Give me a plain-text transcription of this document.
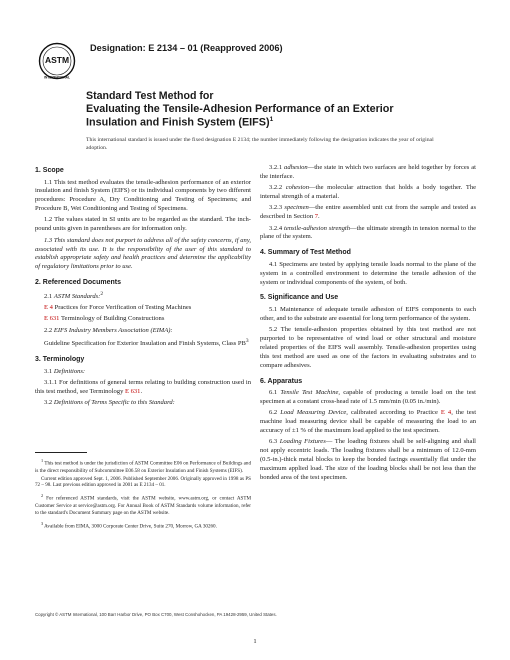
ASTM
INTERNATIONAL
Designation: E 2134 – 01 (Reapproved 2006)
Standard Test Method for
Evaluating the Tensile-Adhesion Performance of an Exterior
Insulation and Finish System (EIFS)$^1$
This international standard is issued under the fixed designation E 2134; the number immediately following the designation indicates the year of original adoption.
1. Scope

1.1 This test method evaluates the tensile-adhesion performance of an exterior insulation and finish System (EIFS) or its individual components by two different procedures: Procedure A, Dry Conditioning and Testing of Specimens; and Procedure B, Wet Conditioning and Testing of Specimens.

1.2 The values stated in SI units are to be regarded as the standard. The inch-pound units given in parentheses are for information only.

1.3 This standard does not purport to address all of the safety concerns, if any, associated with its use. It is the responsibility of the user of this standard to establish appropriate safety and health practices and determine the applicability of regulatory limitations prior to use.

2. Referenced Documents

2.1 ASTM Standards:$^2$

E 4 Practices for Force Verification of Testing Machines

E 631 Terminology of Building Constructions

2.2 EIFS Industry Members Association (EIMA):

Guideline Specification for Exterior Insulation and Finish Systems, Class $PB^3$

3. Terminology

3.1 Definitions:

3.1.1 For definitions of general terms relating to building construction used in this test method, see Terminology E 631.

3.2 Definitions of Terms Specific to this Standard:

$^1$ This test method is under the jurisdiction of ASTM Committee E06 on Performance of Buildings and is the direct responsibility of Subcommittee E06.58 on Exterior Insulation and Finish Systems (EIFS).

Current edition approved Sept. 1, 2006. Published September 2006. Originally approved in 1998 as PS 72 – 98. Last previous edition approved in 2001 as E 2134 – 01.

$^2$ For referenced ASTM standards, visit the ASTM website, www.astm.org, or contact ASTM Customer Service at service@astm.org. For Annual Book of ASTM Standards volume information, refer to the standard's Document Summary page on the ASTM website.

$^3$ Available from EIMA, 3000 Corporate Center Drive, Suite 270, Morrow, GA 30260.

3.2.1 adhesion—the state in which two surfaces are held together by forces at the interface.

3.2.2 cohesion—the molecular attraction that holds a body together. The internal strength of a material.

3.2.3 specimen—the entire assembled unit cut from the sample and tested as described in Section 7.

3.2.4 tensile-adhesion strength—the ultimate strength in tension normal to the plane of the system.

4. Summary of Test Method

4.1 Specimens are tested by applying tensile loads normal to the plane of the system in a controlled environment to determine the tensile adhesion of the system or individual components of the system, of both.

5. Significance and Use

5.1 Maintenance of adequate tensile adhesion of EIFS components to each other, and to the substrate are essential for long term performance of the system.

5.2 The tensile-adhesion properties obtained by this test method are not purported to be representative of wind load or other structural and moisture related properties of the EIFS wall assembly. Tensile-adhesion properties using this test method are used as one of the factors in evaluating substrates and to compare adhesives.

6. Apparatus

6.1 Tensile Test Machine, capable of producing a tensile load on the test specimen at a constant cross-head rate of 1.5 mm/min (0.05 in./min).

6.2 Load Measuring Device, calibrated according to Practice E 4, the test machine load measuring device shall be capable of measuring the load to an accuracy of ±1 % of the maximum load applied to the test specimen.

6.3 Loading Fixtures— The loading fixtures shall be self-aligning and shall not apply eccentric loads. The loading fixtures shall be a minimum of 12.0-mm (0.5-in.)-thick metal blocks to keep the bonded facings essentially flat under the maximum applied load. The size of the loading blocks shall be not less than the bonded area of the test specimen.

Copyright © ASTM International, 100 Barr Harbor Drive, PO Box C700, West Conshohocken, PA 19428-2959, United States.
1
